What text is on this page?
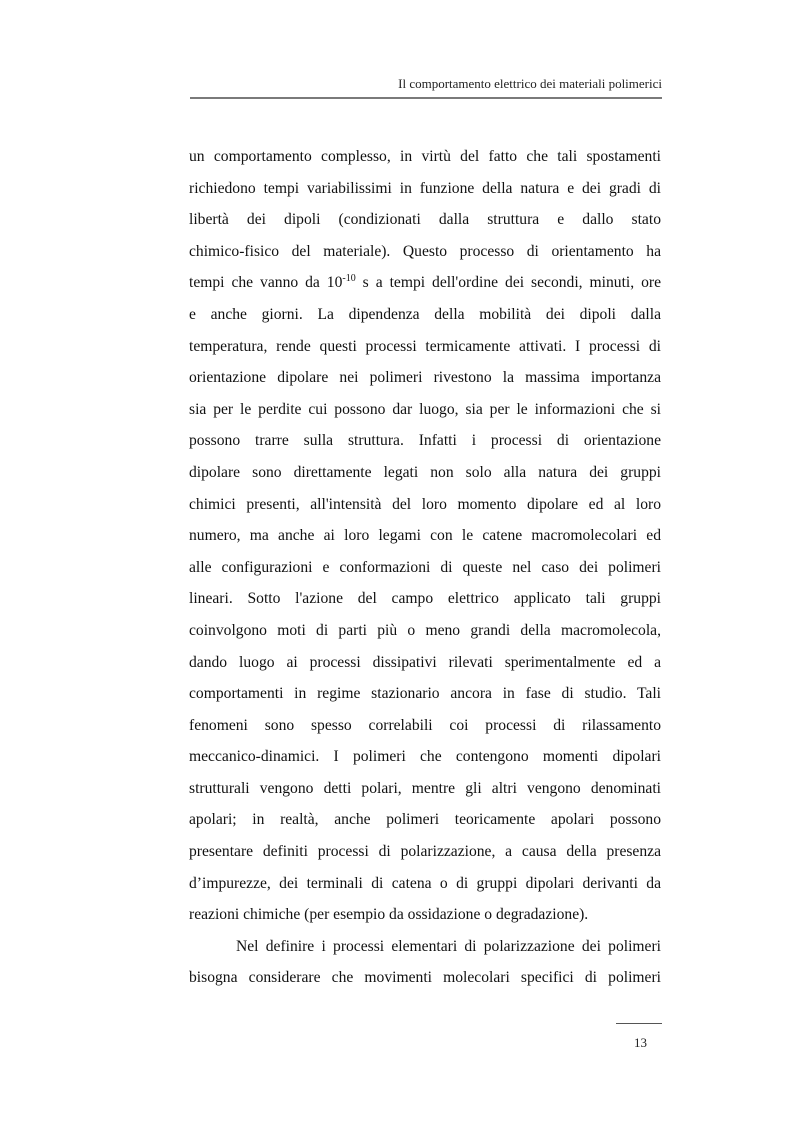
Il comportamento elettrico dei materiali polimerici
un comportamento complesso, in virtù del fatto che tali spostamenti
richiedono tempi variabilissimi in funzione della natura e dei gradi di
libertà dei dipoli (condizionati dalla struttura e dallo stato
chimico-fisico del materiale). Questo processo di orientamento ha
tempi che vanno da $10^{-10}$ s a tempi dell'ordine dei secondi, minuti, ore
e anche giorni. La dipendenza della mobilità dei dipoli dalla
temperatura, rende questi processi termicamente attivati. I processi di
orientazione dipolare nei polimeri rivestono la massima importanza
sia per le perdite cui possono dar luogo, sia per le informazioni che si
possono trarre sulla struttura. Infatti i processi di orientazione
dipolare sono direttamente legati non solo alla natura dei gruppi
chimici presenti, all'intensità del loro momento dipolare ed al loro
numero, ma anche ai loro legami con le catene macromolecolari ed
alle configurazioni e conformazioni di queste nel caso dei polimeri
lineari. Sotto l'azione del campo elettrico applicato tali gruppi
coinvolgono moti di parti più o meno grandi della macromolecola,
dando luogo ai processi dissipativi rilevati sperimentalmente ed a
comportamenti in regime stazionario ancora in fase di studio. Tali
fenomeni sono spesso correlabili coi processi di rilassamento
meccanico-dinamici. I polimeri che contengono momenti dipolari
strutturali vengono detti polari, mentre gli altri vengono denominati
apolari; in realtà, anche polimeri teoricamente apolari possono
presentare definiti processi di polarizzazione, a causa della presenza
d’impurezze, dei terminali di catena o di gruppi dipolari derivanti da
reazioni chimiche (per esempio da ossidazione o degradazione).
Nel definire i processi elementari di polarizzazione dei polimeri
bisogna considerare che movimenti molecolari specifici di polimeri
13
